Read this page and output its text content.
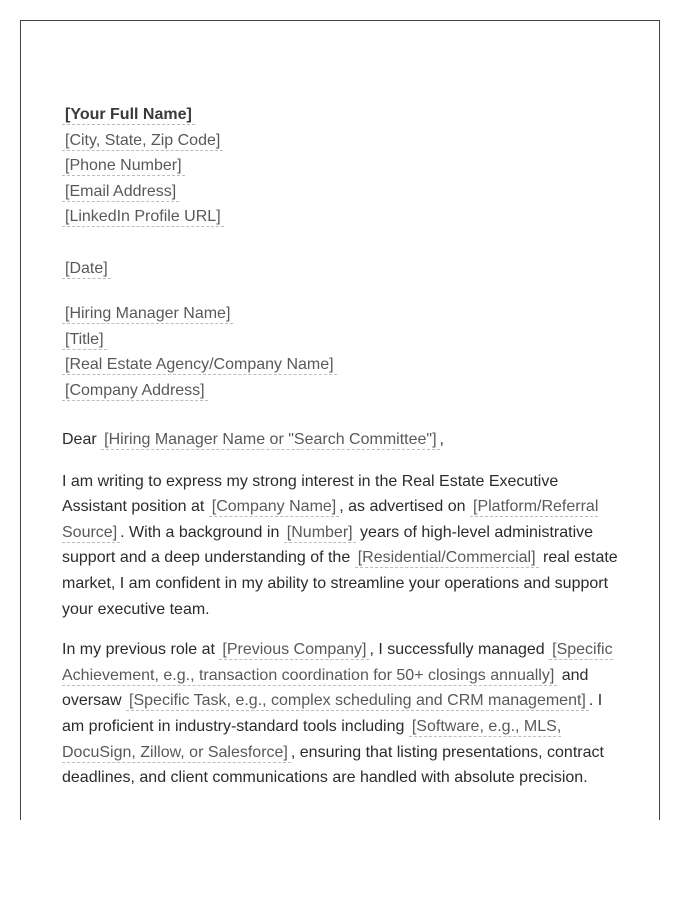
[Your Full Name]
[City, State, Zip Code]
[Phone Number]
[Email Address]
[LinkedIn Profile URL]
[Date]
[Hiring Manager Name]
[Title]
[Real Estate Agency/Company Name]
[Company Address]

Dear [Hiring Manager Name or "Search Committee"] ,

I am writing to express my strong interest in the Real Estate Executive Assistant position at [Company Name] , as advertised on [Platform/Referral Source] . With a background in [Number] years of high-level administrative support and a deep understanding of the [Residential/Commercial] real estate market, I am confident in my ability to streamline your operations and support your executive team.

In my previous role at [Previous Company] , I successfully managed [Specific Achievement, e.g., transaction coordination for 50+ closings annually] and oversaw [Specific Task, e.g., complex scheduling and CRM management] . I am proficient in industry-standard tools including [Software, e.g., MLS, DocuSign, Zillow, or Salesforce] , ensuring that listing presentations, contract deadlines, and client communications are handled with absolute precision.
